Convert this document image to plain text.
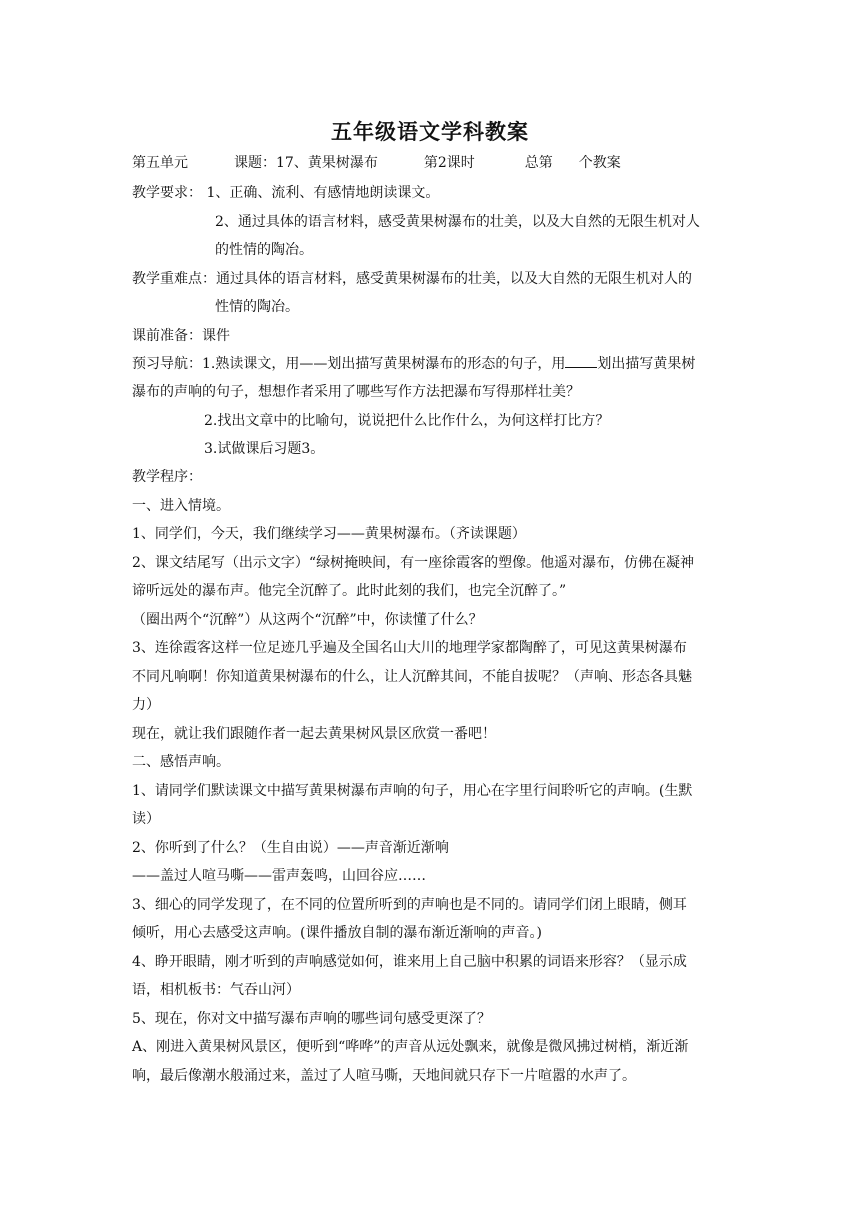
五年级语文学科教案
第五单元	课题：17、黄果树瀑布	第2课时	总第 个教案
教学要求： 1、正确、流利、有感情地朗读课文。
2、通过具体的语言材料，感受黄果树瀑布的壮美，以及大自然的无限生机对人
的性情的陶冶。
教学重难点：通过具体的语言材料，感受黄果树瀑布的壮美，以及大自然的无限生机对人的
性情的陶冶。
课前准备：课件
预习导航：1.熟读课文，用——划出描写黄果树瀑布的形态的句子，用 划出描写黄果树
瀑布的声响的句子，想想作者采用了哪些写作方法把瀑布写得那样壮美？
2.找出文章中的比喻句，说说把什么比作什么，为何这样打比方？
3.试做课后习题3。
教学程序：
一、进入情境。
1、同学们，今天，我们继续学习——黄果树瀑布。（齐读课题）
2、课文结尾写（出示文字）“绿树掩映间，有一座徐霞客的塑像。他遥对瀑布，仿佛在凝神
谛听远处的瀑布声。他完全沉醉了。此时此刻的我们，也完全沉醉了。”
（圈出两个“沉醉”）从这两个“沉醉”中，你读懂了什么？
3、连徐霞客这样一位足迹几乎遍及全国名山大川的地理学家都陶醉了，可见这黄果树瀑布
不同凡响啊！你知道黄果树瀑布的什么，让人沉醉其间，不能自拔呢？（声响、形态各具魅
力）
现在，就让我们跟随作者一起去黄果树风景区欣赏一番吧！
二、感悟声响。
1、请同学们默读课文中描写黄果树瀑布声响的句子，用心在字里行间聆听它的声响。(生默
读）
2、你听到了什么？（生自由说）——声音渐近渐响
——盖过人喧马嘶——雷声轰鸣，山回谷应……
3、细心的同学发现了，在不同的位置所听到的声响也是不同的。请同学们闭上眼睛，侧耳
倾听，用心去感受这声响。(课件播放自制的瀑布渐近渐响的声音。)
4、睁开眼睛，刚才听到的声响感觉如何，谁来用上自己脑中积累的词语来形容？（显示成
语，相机板书：气吞山河）
5、现在，你对文中描写瀑布声响的哪些词句感受更深了？
A、刚进入黄果树风景区，便听到“哗哗”的声音从远处飘来，就像是微风拂过树梢，渐近渐
响，最后像潮水般涌过来，盖过了人喧马嘶，天地间就只存下一片喧嚣的水声了。
